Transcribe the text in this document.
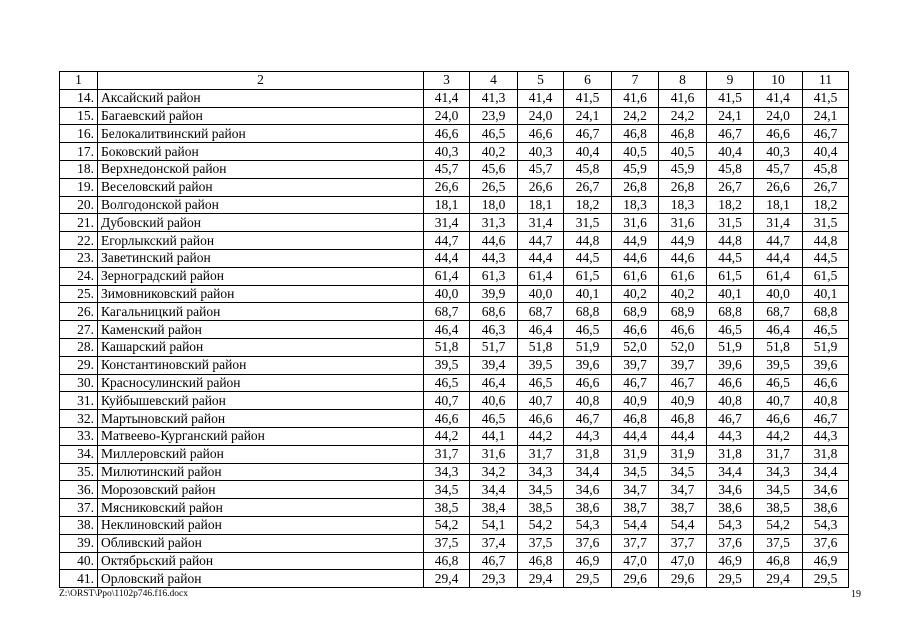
1	2	3	4	5	6	7	8	9	10	11
14.	Аксайский район	41,4	41,3	41,4	41,5	41,6	41,6	41,5	41,4	41,5
15.	Багаевский район	24,0	23,9	24,0	24,1	24,2	24,2	24,1	24,0	24,1
16.	Белокалитвинский район	46,6	46,5	46,6	46,7	46,8	46,8	46,7	46,6	46,7
17.	Боковский район	40,3	40,2	40,3	40,4	40,5	40,5	40,4	40,3	40,4
18.	Верхнедонской район	45,7	45,6	45,7	45,8	45,9	45,9	45,8	45,7	45,8
19.	Веселовский район	26,6	26,5	26,6	26,7	26,8	26,8	26,7	26,6	26,7
20.	Волгодонской район	18,1	18,0	18,1	18,2	18,3	18,3	18,2	18,1	18,2
21.	Дубовский район	31,4	31,3	31,4	31,5	31,6	31,6	31,5	31,4	31,5
22.	Егорлыкский район	44,7	44,6	44,7	44,8	44,9	44,9	44,8	44,7	44,8
23.	Заветинский район	44,4	44,3	44,4	44,5	44,6	44,6	44,5	44,4	44,5
24.	Зерноградский район	61,4	61,3	61,4	61,5	61,6	61,6	61,5	61,4	61,5
25.	Зимовниковский район	40,0	39,9	40,0	40,1	40,2	40,2	40,1	40,0	40,1
26.	Кагальницкий район	68,7	68,6	68,7	68,8	68,9	68,9	68,8	68,7	68,8
27.	Каменский район	46,4	46,3	46,4	46,5	46,6	46,6	46,5	46,4	46,5
28.	Кашарский район	51,8	51,7	51,8	51,9	52,0	52,0	51,9	51,8	51,9
29.	Константиновский район	39,5	39,4	39,5	39,6	39,7	39,7	39,6	39,5	39,6
30.	Красносулинский район	46,5	46,4	46,5	46,6	46,7	46,7	46,6	46,5	46,6
31.	Куйбышевский район	40,7	40,6	40,7	40,8	40,9	40,9	40,8	40,7	40,8
32.	Мартыновский район	46,6	46,5	46,6	46,7	46,8	46,8	46,7	46,6	46,7
33.	Матвеево-Курганский район	44,2	44,1	44,2	44,3	44,4	44,4	44,3	44,2	44,3
34.	Миллеровский район	31,7	31,6	31,7	31,8	31,9	31,9	31,8	31,7	31,8
35.	Милютинский район	34,3	34,2	34,3	34,4	34,5	34,5	34,4	34,3	34,4
36.	Морозовский район	34,5	34,4	34,5	34,6	34,7	34,7	34,6	34,5	34,6
37.	Мясниковский район	38,5	38,4	38,5	38,6	38,7	38,7	38,6	38,5	38,6
38.	Неклиновский район	54,2	54,1	54,2	54,3	54,4	54,4	54,3	54,2	54,3
39.	Обливский район	37,5	37,4	37,5	37,6	37,7	37,7	37,6	37,5	37,6
40.	Октябрьский район	46,8	46,7	46,8	46,9	47,0	47,0	46,9	46,8	46,9
41.	Орловский район	29,4	29,3	29,4	29,5	29,6	29,6	29,5	29,4	29,5
Z:\ORST\Ppo\1102p746.f16.docx	19
